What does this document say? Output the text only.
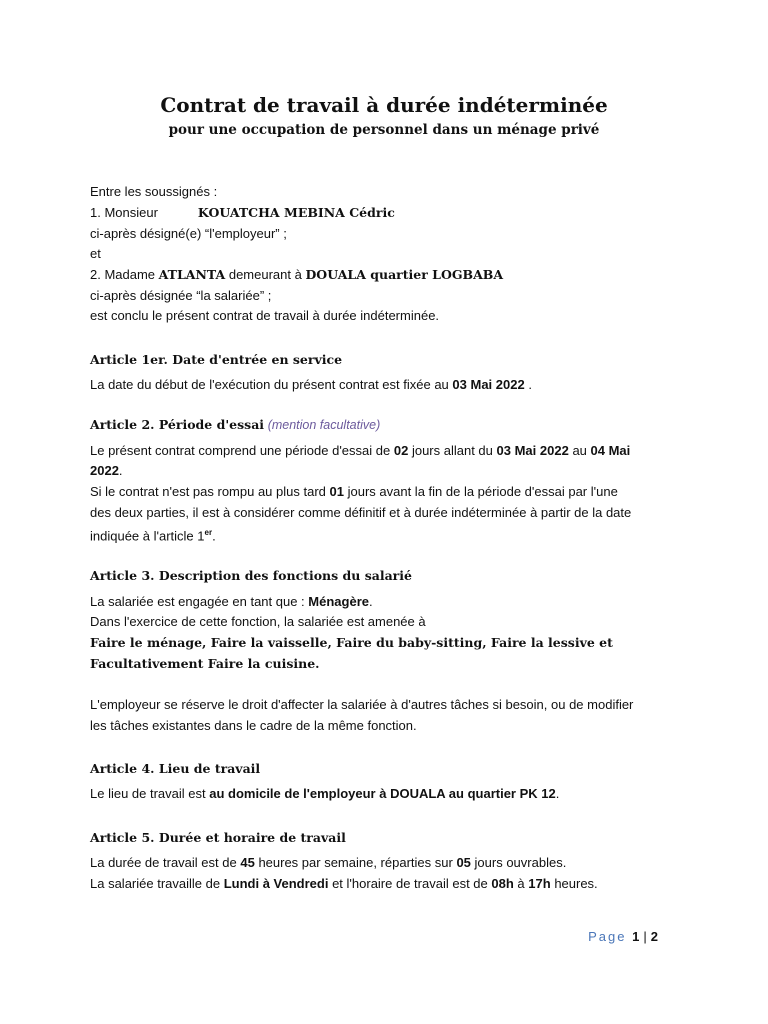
Contrat de travail à durée indéterminée
pour une occupation de personnel dans un ménage privé
Entre les soussignés :
1. Monsieur	KOUATCHA MEBINA Cédric
ci-après désigné(e) “l'employeur” ;
et
2. Madame ATLANTA demeurant à DOUALA quartier LOGBABA
ci-après désignée “la salariée” ;
est conclu le présent contrat de travail à durée indéterminée.
Article 1er. Date d'entrée en service
La date du début de l'exécution du présent contrat est fixée au 03 Mai 2022 .
Article 2. Période d'essai (mention facultative)
Le présent contrat comprend une période d'essai de 02 jours allant du 03 Mai 2022 au 04 Mai
2022.
Si le contrat n'est pas rompu au plus tard 01 jours avant la fin de la période d'essai par l'une
des deux parties, il est à considérer comme définitif et à durée indéterminée à partir de la date
indiquée à l'article 1er.
Article 3. Description des fonctions du salarié
La salariée est engagée en tant que : Ménagère.
Dans l'exercice de cette fonction, la salariée est amenée à
Faire le ménage, Faire la vaisselle, Faire du baby-sitting, Faire la lessive et
Facultativement Faire la cuisine.
L'employeur se réserve le droit d'affecter la salariée à d'autres tâches si besoin, ou de modifier
les tâches existantes dans le cadre de la même fonction.
Article 4. Lieu de travail
Le lieu de travail est au domicile de l'employeur à DOUALA au quartier PK 12.
Article 5. Durée et horaire de travail
La durée de travail est de 45 heures par semaine, réparties sur 05 jours ouvrables.
La salariée travaille de Lundi à Vendredi et l'horaire de travail est de 08h à 17h heures.
Page 1 | 2
